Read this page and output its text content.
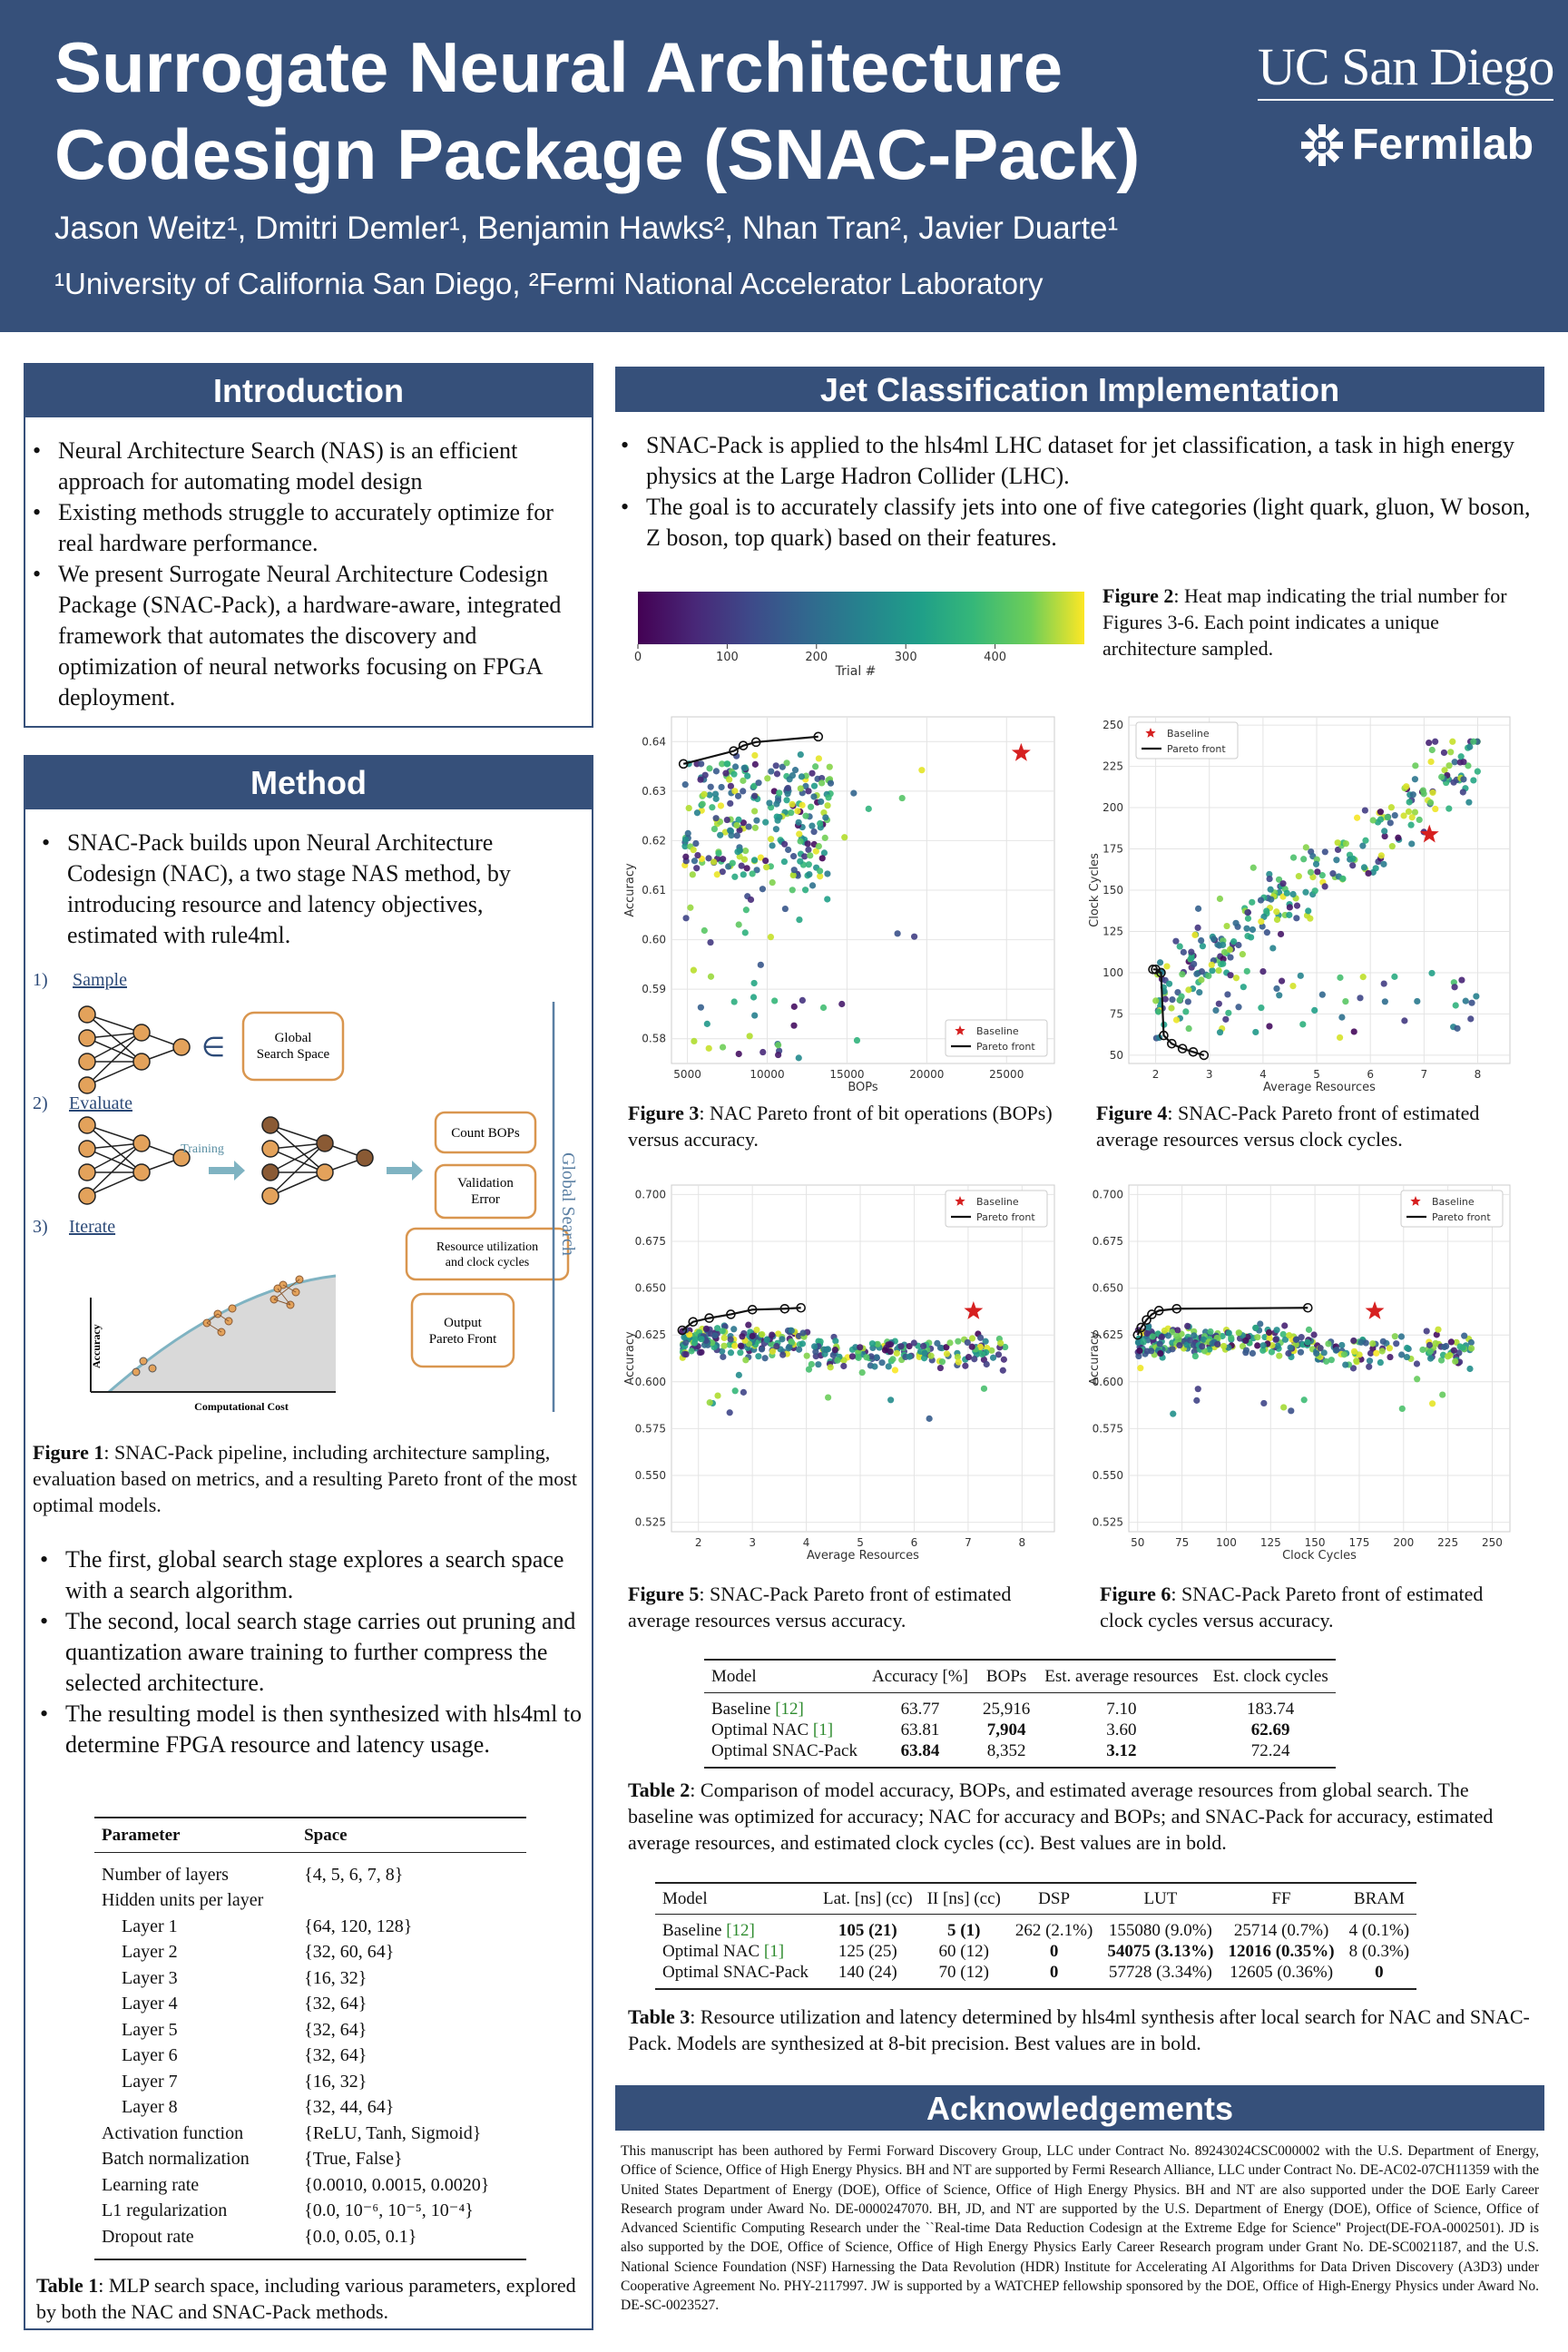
Surrogate Neural Architecture
Codesign Package (SNAC-Pack)
Jason Weitz¹, Dmitri Demler¹, Benjamin Hawks², Nhan Tran², Javier Duarte¹
¹University of California San Diego, ²Fermi National Accelerator Laboratory
UC San Diego
Fermilab
Introduction
• Neural Architecture Search (NAS) is an efficient approach for automating model design
• Existing methods struggle to accurately optimize for real hardware performance.
• We present Surrogate Neural Architecture Codesign Package (SNAC-Pack), a hardware-aware, integrated framework that automates the discovery and optimization of neural networks focusing on FPGA deployment.
Method
• SNAC-Pack builds upon Neural Architecture Codesign (NAC), a two stage NAS method, by introducing resource and latency objectives, estimated with rule4ml.
1) Sample
2) Evaluate
3) Iterate
∈	Global Search Space
Training
Count BOPs
Validation Error
Resource utilization and clock cycles
Output Pareto Front
Global Search
Accuracy
Computational Cost
Figure 1: SNAC-Pack pipeline, including architecture sampling, evaluation based on metrics, and a resulting Pareto front of the most optimal models.
• The first, global search stage explores a search space with a search algorithm.
• The second, local search stage carries out pruning and quantization aware training to further compress the selected architecture.
• The resulting model is then synthesized with hls4ml to determine FPGA resource and latency usage.
Parameter	Space
Number of layers	{4, 5, 6, 7, 8}
Hidden units per layer	
Layer 1	{64, 120, 128}
Layer 2	{32, 60, 64}
Layer 3	{16, 32}
Layer 4	{32, 64}
Layer 5	{32, 64}
Layer 6	{32, 64}
Layer 7	{16, 32}
Layer 8	{32, 44, 64}
Activation function	{ReLU, Tanh, Sigmoid}
Batch normalization	{True, False}
Learning rate	{0.0010, 0.0015, 0.0020}
L1 regularization	{0.0, 10⁻⁶, 10⁻⁵, 10⁻⁴}
Dropout rate	{0.0, 0.05, 0.1}
Table 1: MLP search space, including various parameters, explored by both the NAC and SNAC-Pack methods.
Jet Classification Implementation
• SNAC-Pack is applied to the hls4ml LHC dataset for jet classification, a task in high energy physics at the Large Hadron Collider (LHC).
• The goal is to accurately classify jets into one of five categories (light quark, gluon, W boson, Z boson, top quark) based on their features.
0	100	200	300	400
Trial #
Figure 2: Heat map indicating the trial number for Figures 3-6. Each point indicates a unique architecture sampled.
5000	10000	15000	20000	25000
0.58
0.59
0.60
0.61
0.62
0.63
0.64
BOPs
Accuracy
Baseline
Pareto front
2	3	4	5	6	7	8
50
75
100
125
150
175
200
225
250
Average Resources
Clock Cycles
Baseline
Pareto front
2	3	4	5	6	7	8
0.525
0.550
0.575
0.600
0.625
0.650
0.675
0.700
Average Resources
Accuracy
Baseline
Pareto front
50	75 100 125 150 175 200 225 250
0.525
0.550
0.575
0.600
0.625
0.650
0.675
0.700
Clock Cycles
Accuracy
Baseline
Pareto front
Figure 3: NAC Pareto front of bit operations (BOPs) versus accuracy.
Figure 4: SNAC-Pack Pareto front of estimated average resources versus clock cycles.
Figure 5: SNAC-Pack Pareto front of estimated average resources versus accuracy.
Figure 6: SNAC-Pack Pareto front of estimated clock cycles versus accuracy.
Model	Accuracy [%]	BOPs	Est. average resources	Est. clock cycles
Baseline [12]	63.77	25,916	7.10	183.74
Optimal NAC [1]	63.81	7,904	3.60	62.69
Optimal SNAC-Pack	63.84	8,352	3.12	72.24
Table 2: Comparison of model accuracy, BOPs, and estimated average resources from global search. The baseline was optimized for accuracy; NAC for accuracy and BOPs; and SNAC-Pack for accuracy, estimated average resources, and estimated clock cycles (cc). Best values are in bold.
Model	Lat. [ns] (cc)	II [ns] (cc)	DSP	LUT	FF	BRAM
Baseline [12]	105 (21)	5 (1)	262 (2.1%)	155080 (9.0%)	25714 (0.7%)	4 (0.1%)
Optimal NAC [1]	125 (25)	60 (12)	0	54075 (3.13%)	12016 (0.35%)	8 (0.3%)
Optimal SNAC-Pack	140 (24)	70 (12)	0	57728 (3.34%)	12605 (0.36%)	0
Table 3: Resource utilization and latency determined by hls4ml synthesis after local search for NAC and SNAC-Pack. Models are synthesized at 8-bit precision. Best values are in bold.
Acknowledgements
This manuscript has been authored by Fermi Forward Discovery Group, LLC under Contract No. 89243024CSC000002 with the U.S. Department of Energy, Office of Science, Office of High Energy Physics. BH and NT are supported by Fermi Research Alliance, LLC under Contract No. DE-AC02-07CH11359 with the United States Department of Energy (DOE), Office of Science, Office of High Energy Physics. BH and NT are also supported under the DOE Early Career Research program under Award No. DE-0000247070. BH, JD, and NT are supported by the U.S. Department of Energy (DOE), Office of Science, Office of Advanced Scientific Computing Research under the ``Real-time Data Reduction Codesign at the Extreme Edge for Science'' Project(DE-FOA-0002501). JD is also supported by the DOE, Office of Science, Office of High Energy Physics Early Career Research program under Grant No. DE-SC0021187, and the U.S. National Science Foundation (NSF) Harnessing the Data Revolution (HDR) Institute for Accelerating AI Algorithms for Data Driven Discovery (A3D3) under Cooperative Agreement No. PHY-2117997. JW is supported by a WATCHEP fellowship sponsored by the DOE, Office of High-Energy Physics under Award No. DE-SC-0023527.
